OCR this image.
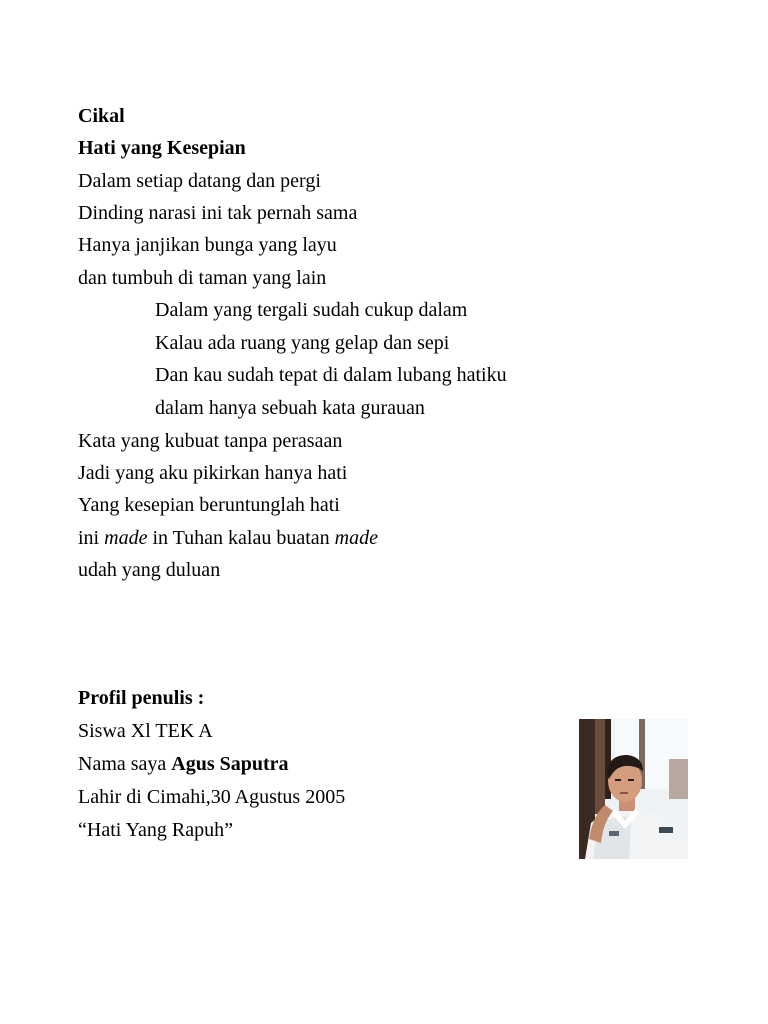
Cikal
Hati yang Kesepian
Dalam setiap datang dan pergi
Dinding narasi ini tak pernah sama
Hanya janjikan bunga yang layu
dan tumbuh di taman yang lain
Dalam yang tergali sudah cukup dalam
Kalau ada ruang yang gelap dan sepi
Dan kau sudah tepat di dalam lubang hatiku
dalam hanya sebuah kata gurauan
Kata yang kubuat tanpa perasaan
Jadi yang aku pikirkan hanya hati
Yang kesepian beruntunglah hati
ini made in Tuhan kalau buatan made
udah yang duluan
Profil penulis :
Siswa Xl TEK A
Nama saya Agus Saputra
Lahir di Cimahi,30 Agustus 2005
“Hati Yang Rapuh”
